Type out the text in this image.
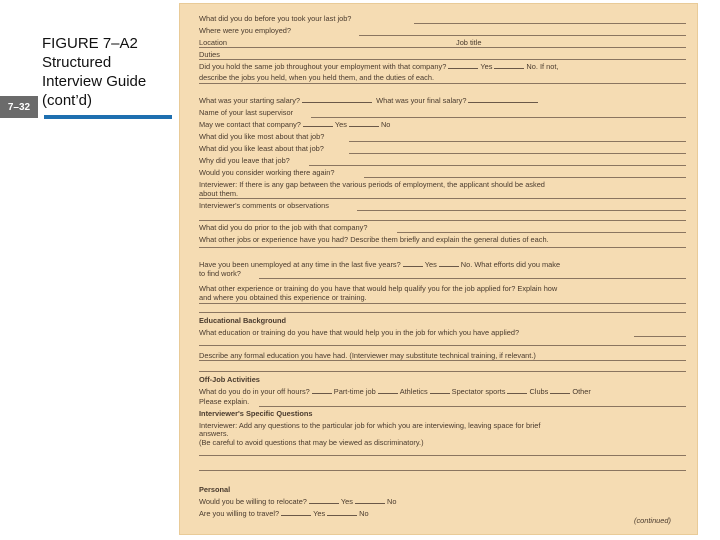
7–32
FIGURE 7–A2
Structured
Interview Guide
(cont’d)
What did you do before you took your last job?
Where were you employed?
Location	Job title
Duties
Did you hold the same job throughout your employment with that company?	Yes	No. If not,
describe the jobs you held, when you held them, and the duties of each.
What was your starting salary?	What was your final salary?
Name of your last supervisor
May we contact that company?	Yes	No
What did you like most about that job?
What did you like least about that job?
Why did you leave that job?
Would you consider working there again?
Interviewer: If there is any gap between the various periods of employment, the applicant should be asked
about them.
Interviewer's comments or observations
What did you do prior to the job with that company?
What other jobs or experience have you had? Describe them briefly and explain the general duties of each.
Have you been unemployed at any time in the last five years?	Yes	No. What efforts did you make
to find work?
What other experience or training do you have that would help qualify you for the job applied for? Explain how
and where you obtained this experience or training.
Educational Background
What education or training do you have that would help you in the job for which you have applied?
Describe any formal education you have had. (Interviewer may substitute technical training, if relevant.)
Off-Job Activities
What do you do in your off hours?	Part-time job	Athletics	Spectator sports	Clubs	Other
Please explain.
Interviewer's Specific Questions
Interviewer: Add any questions to the particular job for which you are interviewing, leaving space for brief
answers.
(Be careful to avoid questions that may be viewed as discriminatory.)
Personal
Would you be willing to relocate?	Yes	No
Are you willing to travel?	Yes	No
(continued)
